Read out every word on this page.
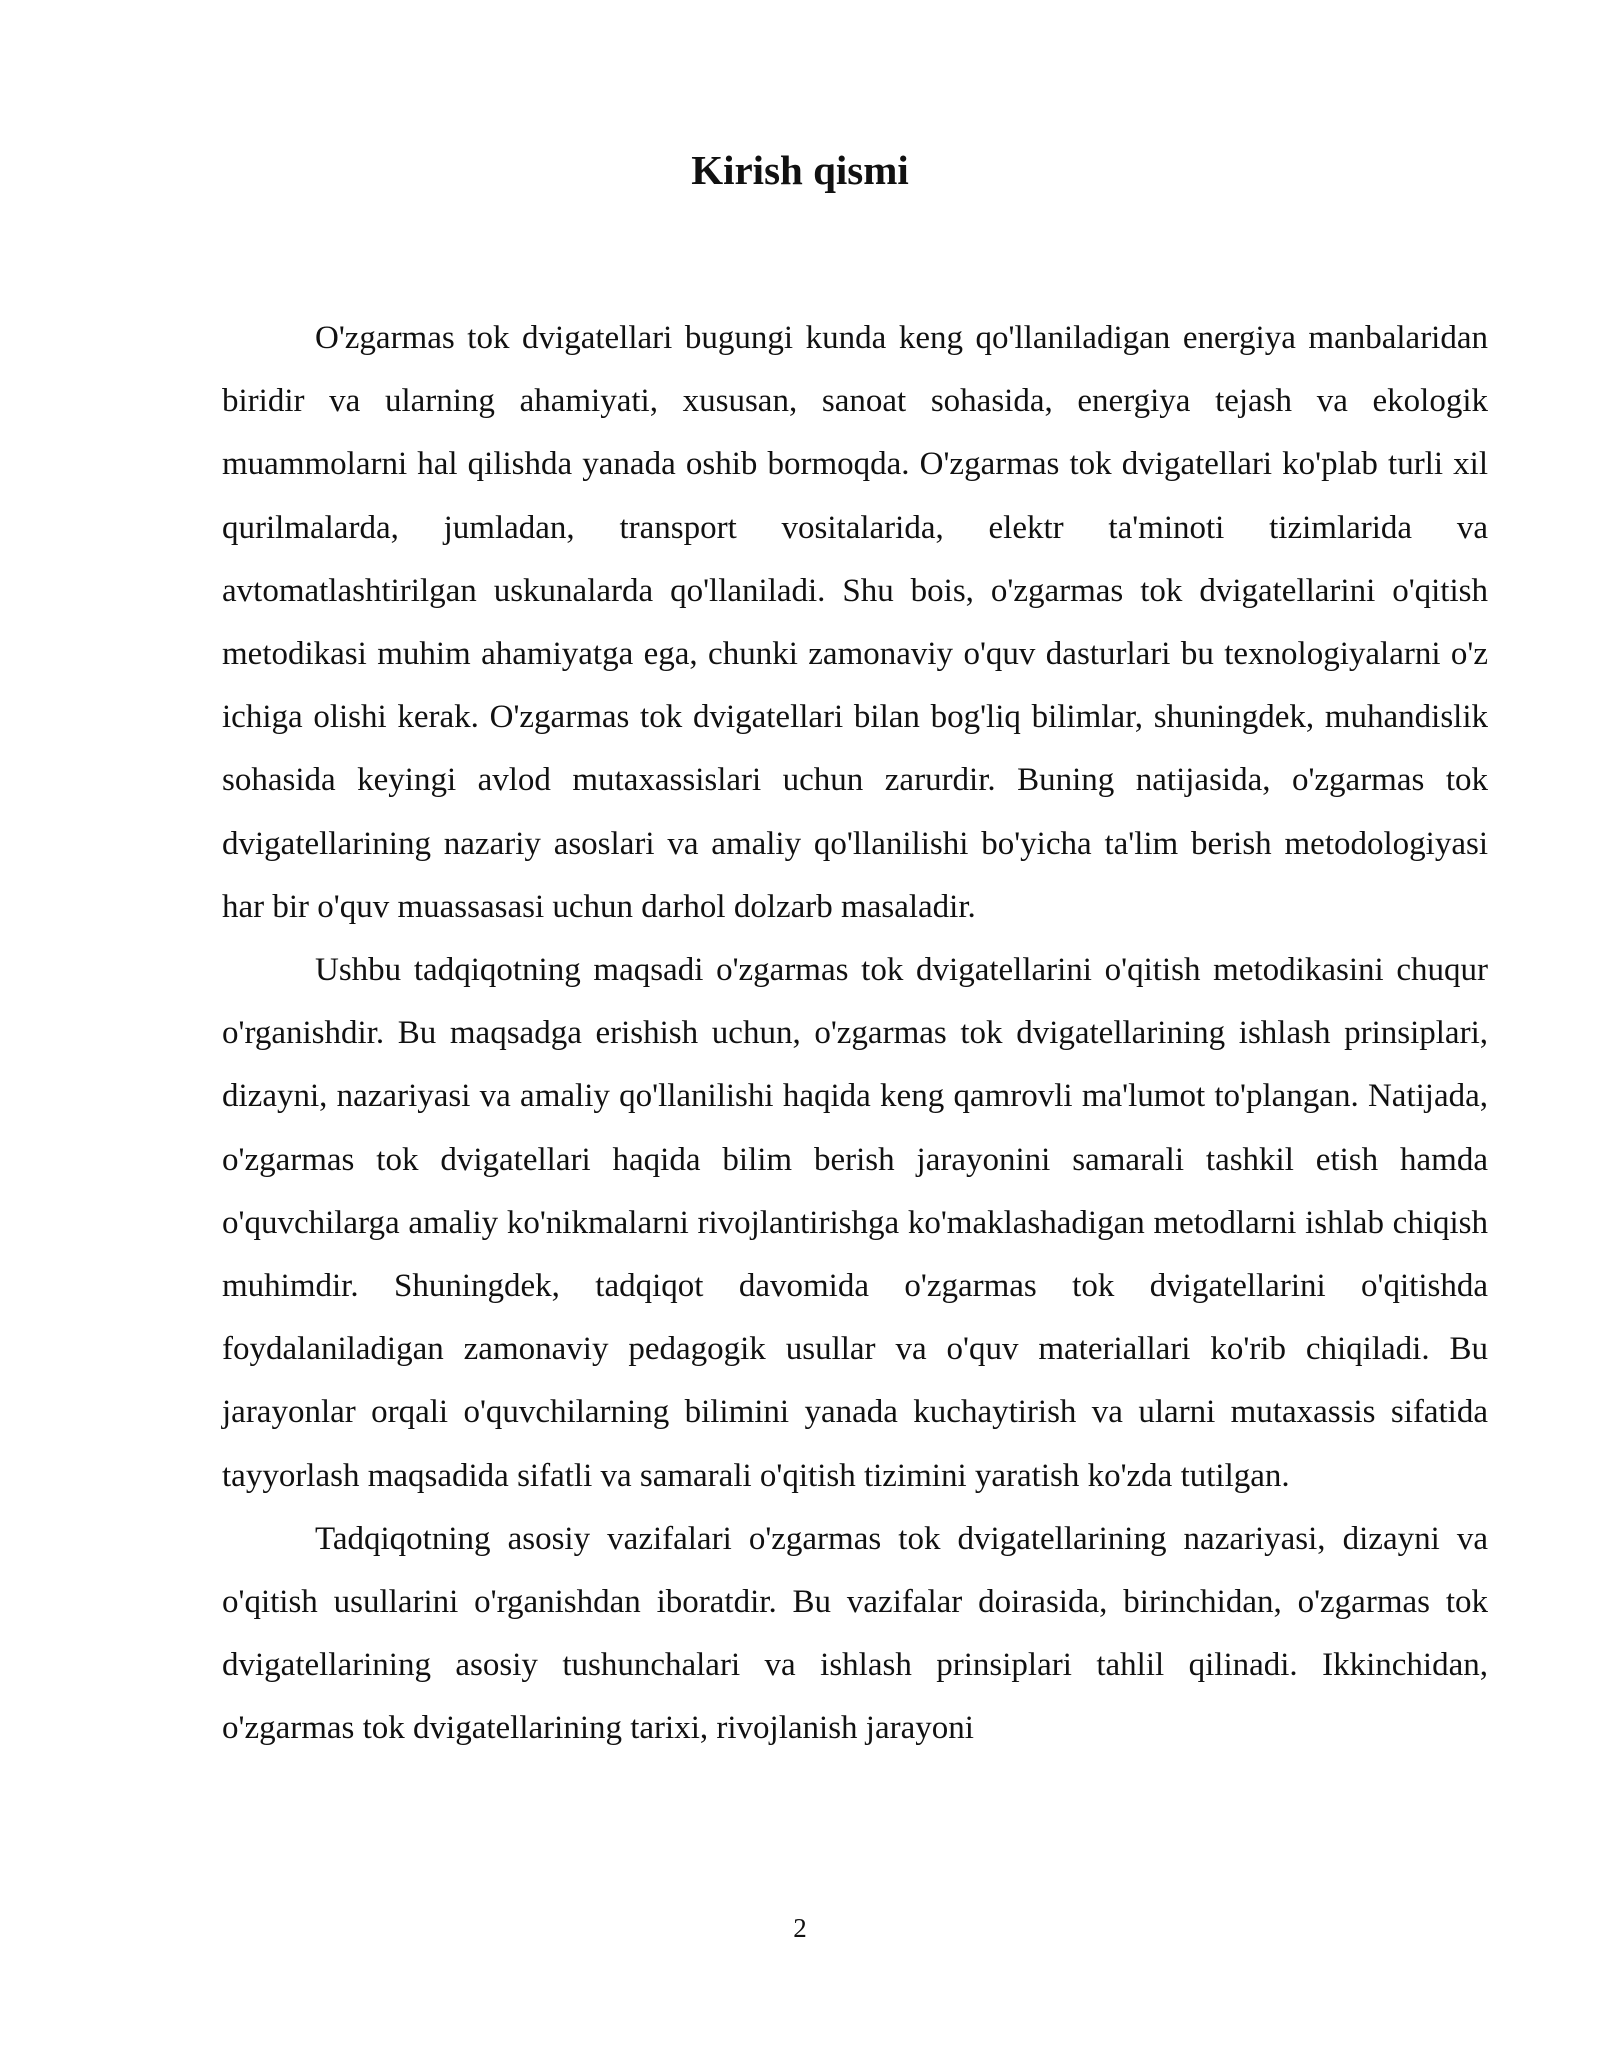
Kirish qismi

O'zgarmas tok dvigatellari bugungi kunda keng qo'llaniladigan energiya manbalaridan biridir va ularning ahamiyati, xususan, sanoat sohasida, energiya tejash va ekologik muammolarni hal qilishda yanada oshib bormoqda. O'zgarmas tok dvigatellari ko'plab turli xil qurilmalarda, jumladan, transport vositalarida, elektr ta'minoti tizimlarida va avtomatlashtirilgan uskunalarda qo'llaniladi. Shu bois, o'zgarmas tok dvigatellarini o'qitish metodikasi muhim ahamiyatga ega, chunki zamonaviy o'quv dasturlari bu texnologiyalarni o'z ichiga olishi kerak. O'zgarmas tok dvigatellari bilan bog'liq bilimlar, shuningdek, muhandislik sohasida keyingi avlod mutaxassislari uchun zarurdir. Buning natijasida, o'zgarmas tok dvigatellarining nazariy asoslari va amaliy qo'llanilishi bo'yicha ta'lim berish metodologiyasi har bir o'quv muassasasi uchun darhol dolzarb masaladir.

Ushbu tadqiqotning maqsadi o'zgarmas tok dvigatellarini o'qitish metodikasini chuqur o'rganishdir. Bu maqsadga erishish uchun, o'zgarmas tok dvigatellarining ishlash prinsiplari, dizayni, nazariyasi va amaliy qo'llanilishi haqida keng qamrovli ma'lumot to'plangan. Natijada, o'zgarmas tok dvigatellari haqida bilim berish jarayonini samarali tashkil etish hamda o'quvchilarga amaliy ko'nikmalarni rivojlantirishga ko'maklashadigan metodlarni ishlab chiqish muhimdir. Shuningdek, tadqiqot davomida o'zgarmas tok dvigatellarini o'qitishda foydalaniladigan zamonaviy pedagogik usullar va o'quv materiallari ko'rib chiqiladi. Bu jarayonlar orqali o'quvchilarning bilimini yanada kuchaytirish va ularni mutaxassis sifatida tayyorlash maqsadida sifatli va samarali o'qitish tizimini yaratish ko'zda tutilgan.

Tadqiqotning asosiy vazifalari o'zgarmas tok dvigatellarining nazariyasi, dizayni va o'qitish usullarini o'rganishdan iboratdir. Bu vazifalar doirasida, birinchidan, o'zgarmas tok dvigatellarining asosiy tushunchalari va ishlash prinsiplari tahlil qilinadi. Ikkinchidan, o'zgarmas tok dvigatellarining tarixi, rivojlanish jarayoni

2
